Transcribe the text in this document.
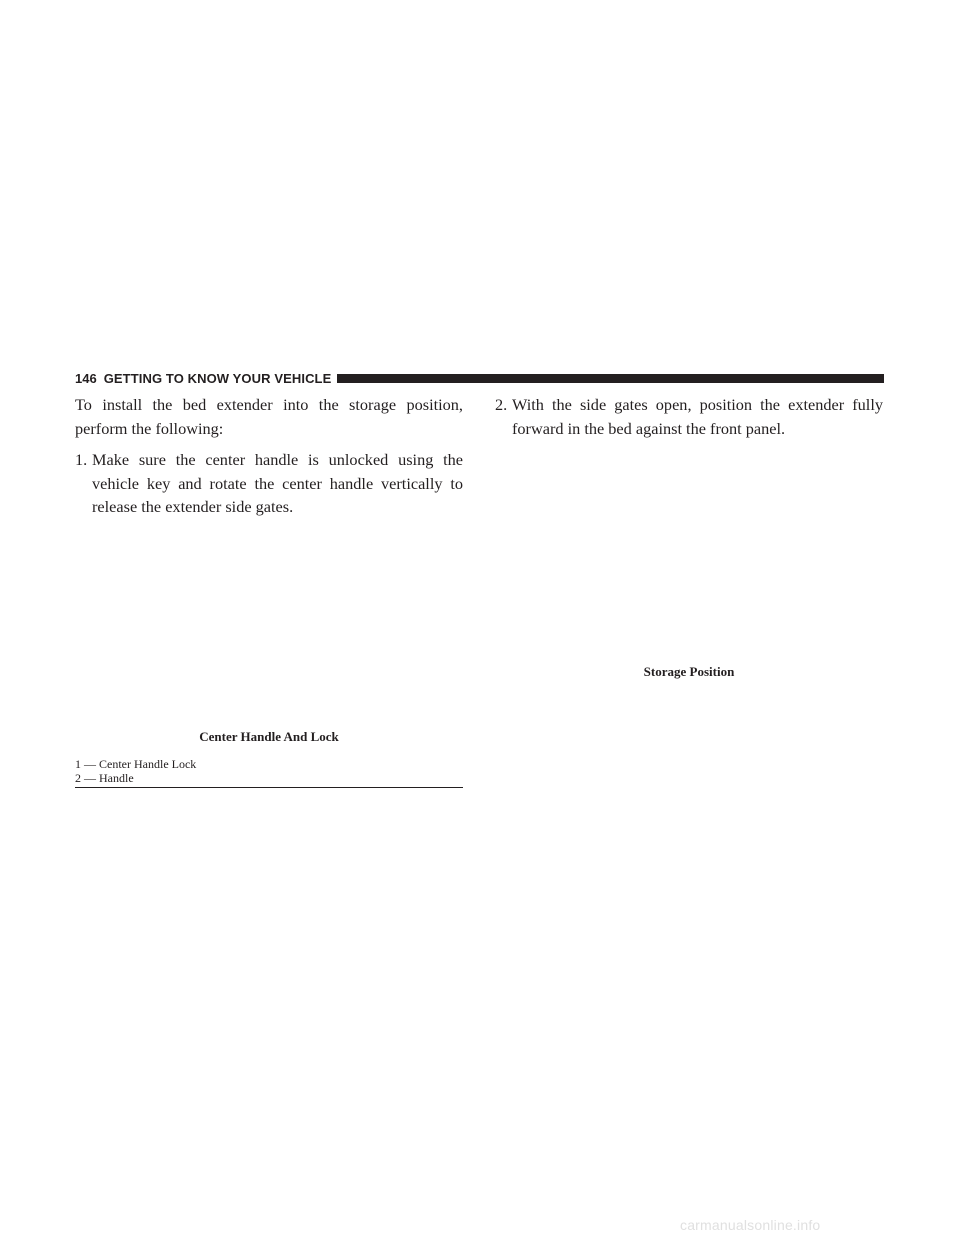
146 GETTING TO KNOW YOUR VEHICLE

To install the bed extender into the storage position, perform the following:

1. Make sure the center handle is unlocked using the vehicle key and rotate the center handle vertically to release the extender side gates.
Center Handle And Lock
1 — Center Handle Lock
2 — Handle
2. With the side gates open, position the extender fully forward in the bed against the front panel.
Storage Position
carmanualsonline.info
